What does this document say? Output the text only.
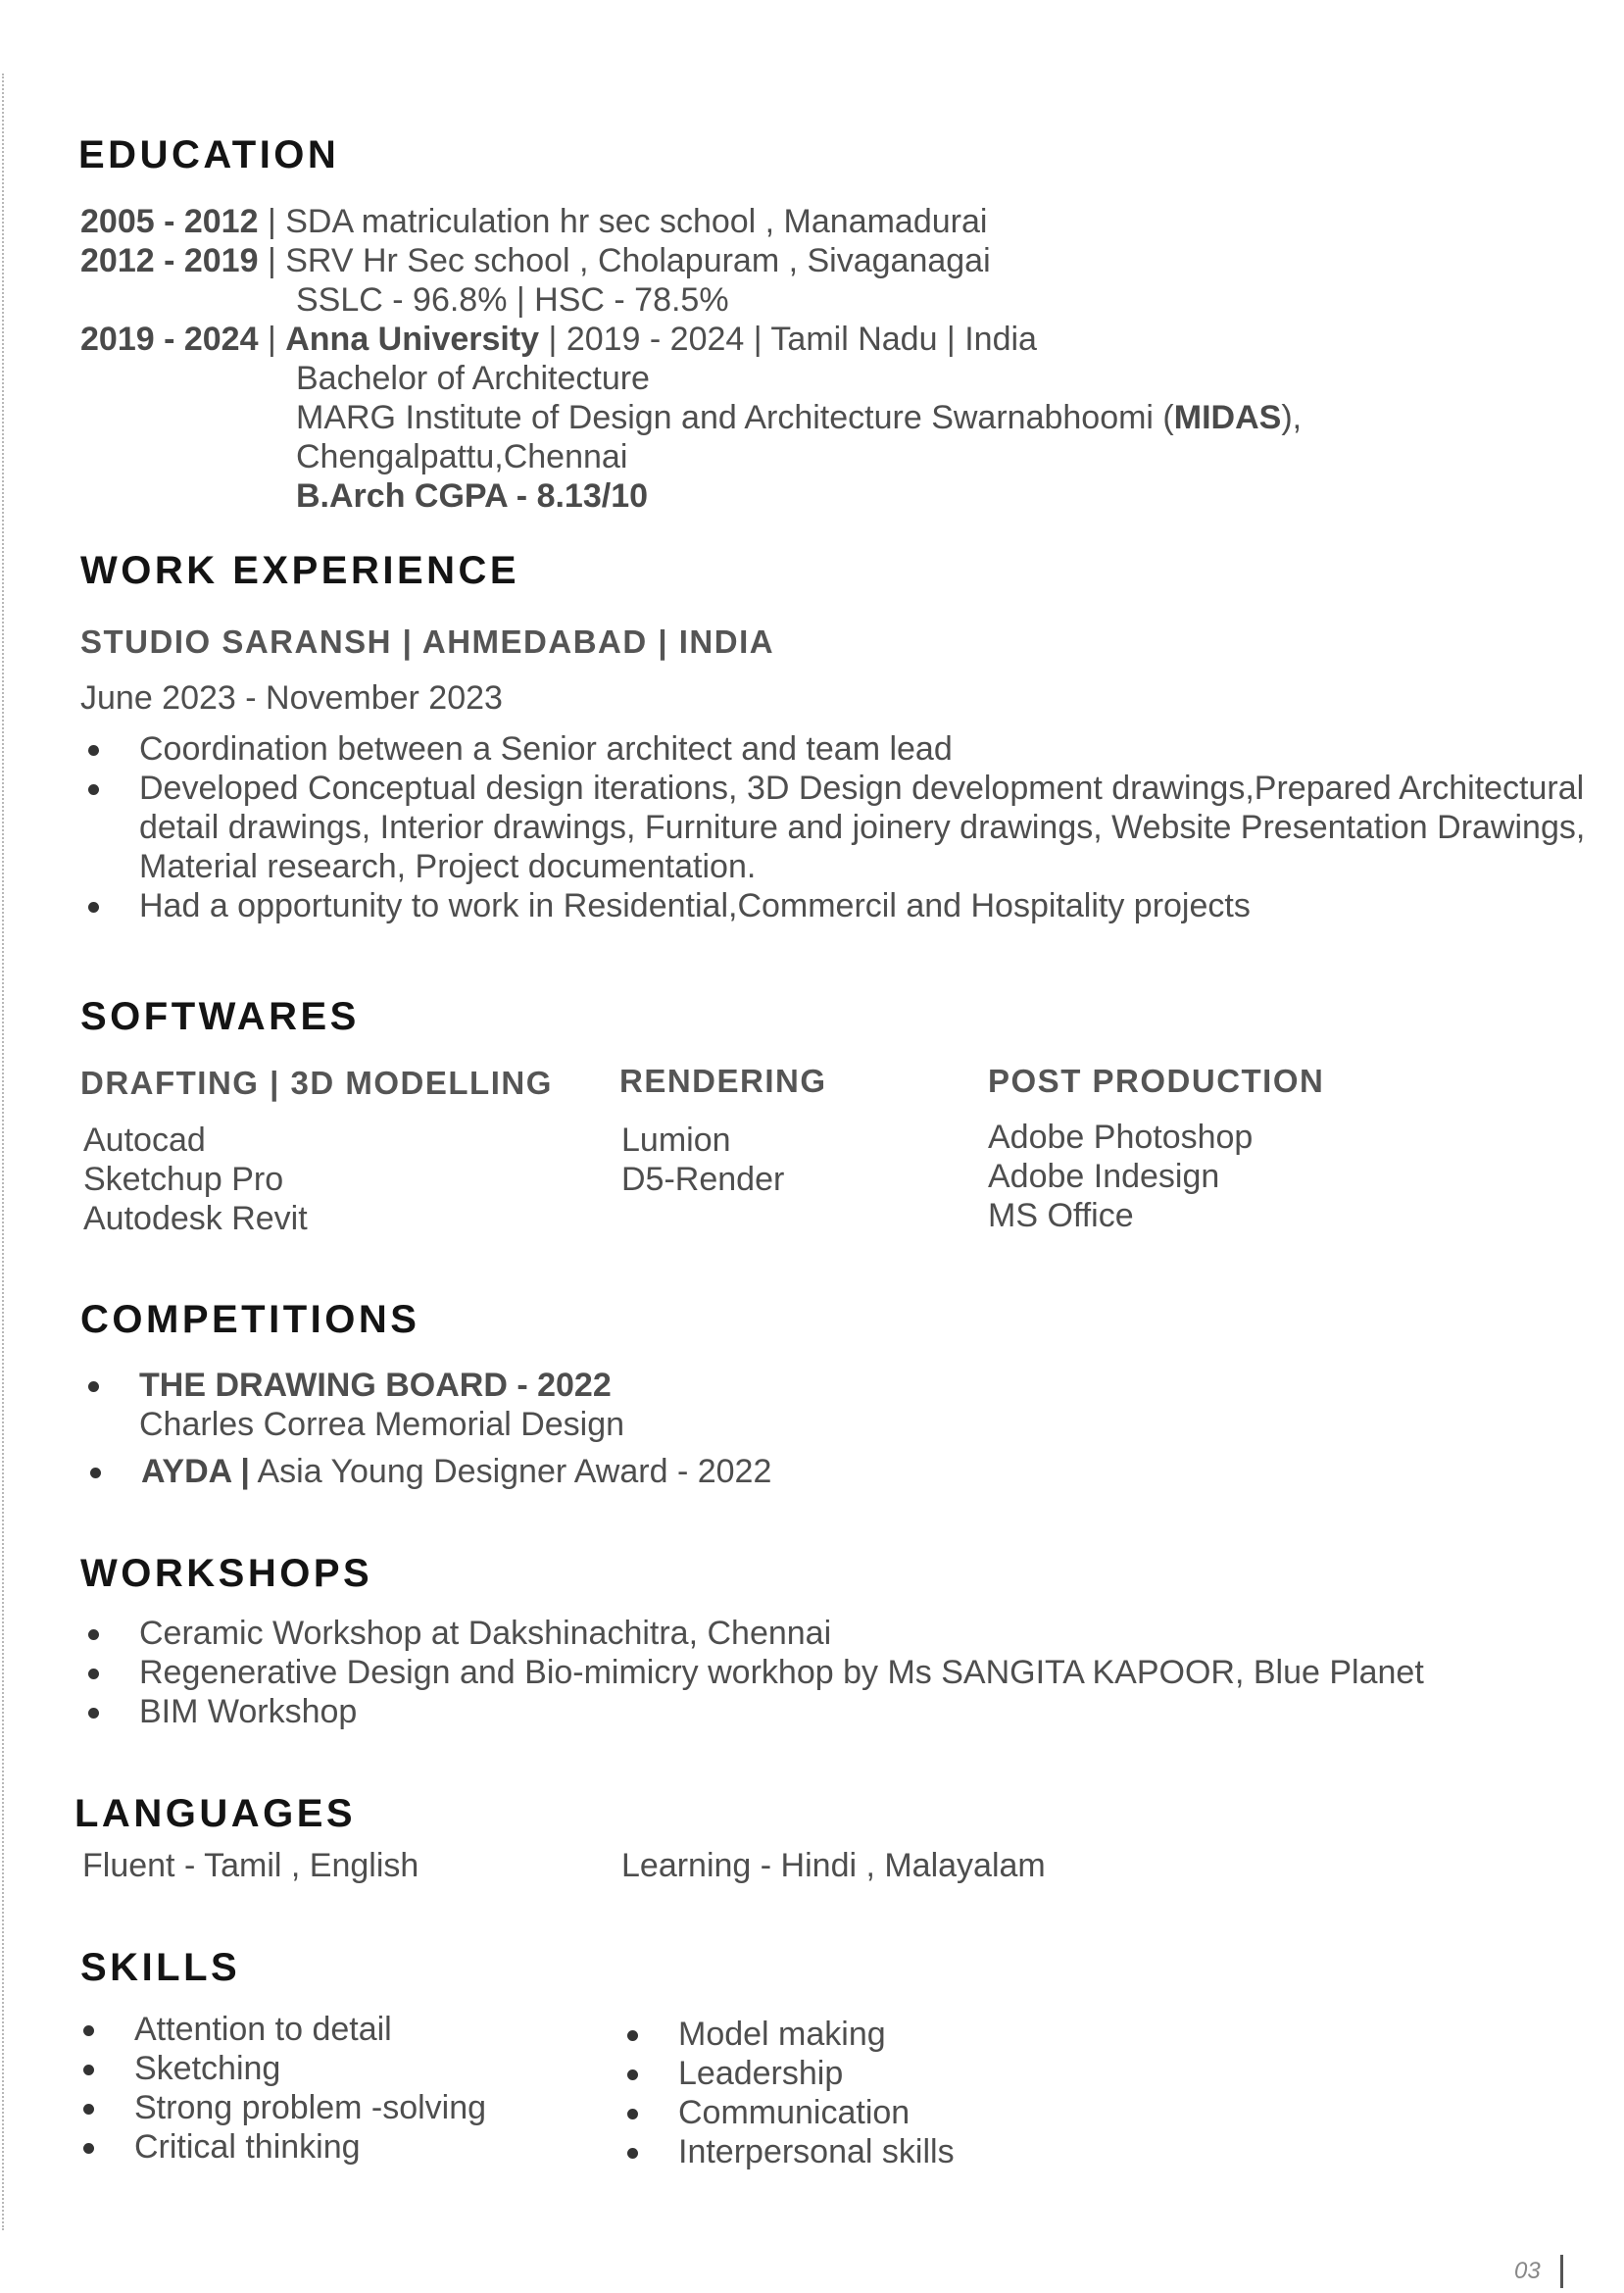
EDUCATION
2005 - 2012 | SDA matriculation hr sec school , Manamadurai
2012 - 2019 | SRV Hr Sec school , Cholapuram , Sivaganagai
SSLC - 96.8% | HSC - 78.5%
2019 - 2024 | Anna University | 2019 - 2024 | Tamil Nadu | India
Bachelor of Architecture
MARG Institute of Design and Architecture Swarnabhoomi (MIDAS),
Chengalpattu,Chennai
B.Arch CGPA - 8.13/10
WORK EXPERIENCE
STUDIO SARANSH | AHMEDABAD | INDIA
June 2023 - November 2023
Coordination between a Senior architect and team lead
Developed Conceptual design iterations, 3D Design development drawings,Prepared Architectural
detail drawings, Interior drawings, Furniture and joinery drawings, Website Presentation Drawings,
Material research, Project documentation.
Had a opportunity to work in Residential,Commercil and Hospitality projects
SOFTWARES
DRAFTING | 3D MODELLING
Autocad
Sketchup Pro
Autodesk Revit
RENDERING
Lumion
D5-Render
POST PRODUCTION
Adobe Photoshop
Adobe Indesign
MS Office
COMPETITIONS
THE DRAWING BOARD - 2022
Charles Correa Memorial Design
AYDA | Asia Young Designer Award - 2022
WORKSHOPS
Ceramic Workshop at Dakshinachitra, Chennai
Regenerative Design and Bio-mimicry workhop by Ms SANGITA KAPOOR, Blue Planet
BIM Workshop
LANGUAGES
Fluent - Tamil , English	Learning - Hindi , Malayalam
SKILLS
Attention to detail
Sketching
Strong problem -solving
Critical thinking
Model making
Leadership
Communication
Interpersonal skills
03
